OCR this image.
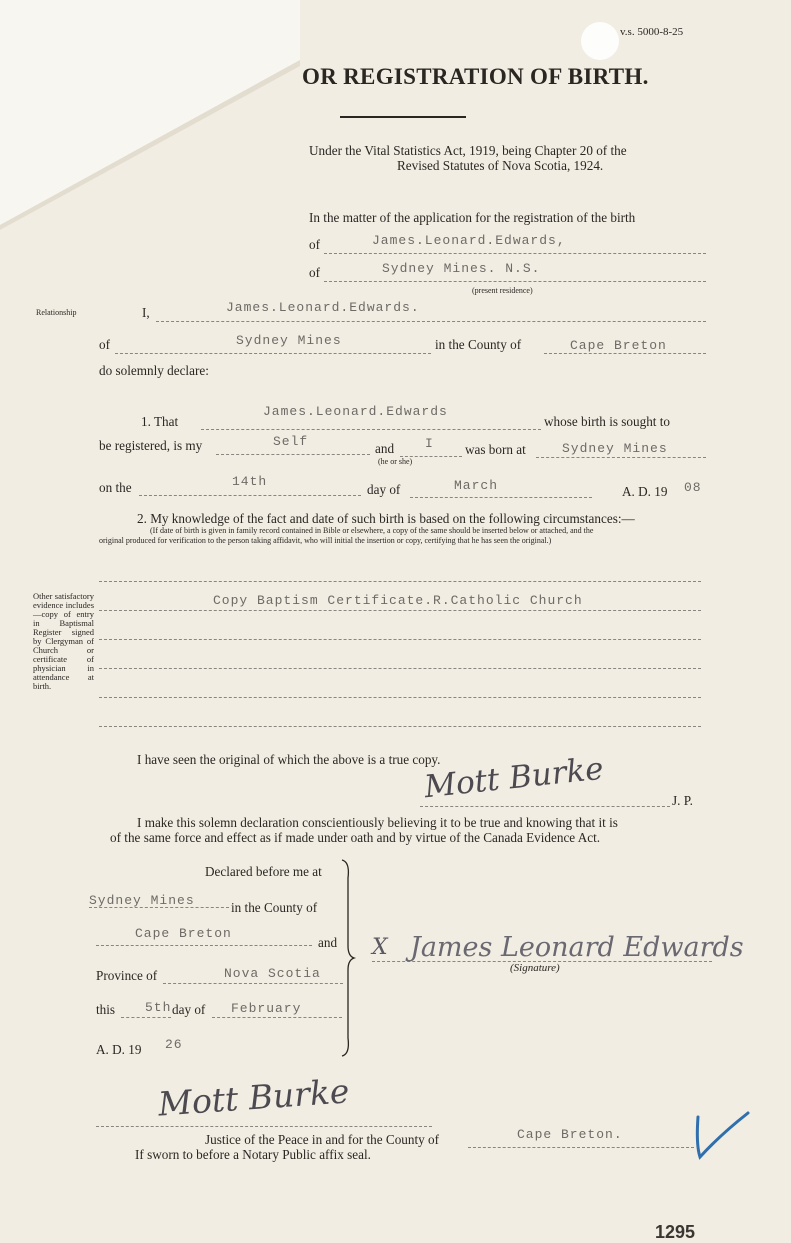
v.s. 5000-8-25
OR REGISTRATION OF BIRTH.
Under the Vital Statistics Act, 1919, being Chapter 20 of the
Revised Statutes of Nova Scotia, 1924.
In the matter of the application for the registration of the birth
of	James.Leonard.Edwards,
of	Sydney Mines. N.S.
(present residence)
Relationship	I,	James.Leonard.Edwards.
of	Sydney Mines	in the County of	Cape Breton
do solemnly declare:
1. That
James.Leonard.Edwards
whose birth is sought to
be registered, is my	Self	and I
(he or she)
was born at	Sydney Mines
on the	14th
day of	March	A. D. 19 08
2. My knowledge of the fact and date of such birth is based on the following circumstances:—
(If date of birth is given in family record contained in Bible or elsewhere, a copy of the same should be inserted below or attached, and the
original produced for verification to the person taking affidavit, who will initial the insertion or copy, certifying that he has seen the original.)
Other satisfactory evidence includes —copy of entry in Baptismal Register signed by Clergyman of Church or certificate of physician in attendance at birth.
Copy Baptism Certificate.R.Catholic Church
I have seen the original of which the above is a true copy.
J. P.
Mott Burke
I make this solemn declaration conscientiously believing it to be true and knowing that it is
of the same force and effect as if made under oath and by virtue of the Canada Evidence Act.
Declared before me at
Sydney Mines	in the County of
Cape Breton
and
Province of	Nova Scotia
this 5th day of February
A. D. 19 26
X James Leonard Edwards
(Signature)
Mott Burke
Justice of the Peace in and for the County of	Cape Breton.
If sworn to before a Notary Public affix seal.
1295
